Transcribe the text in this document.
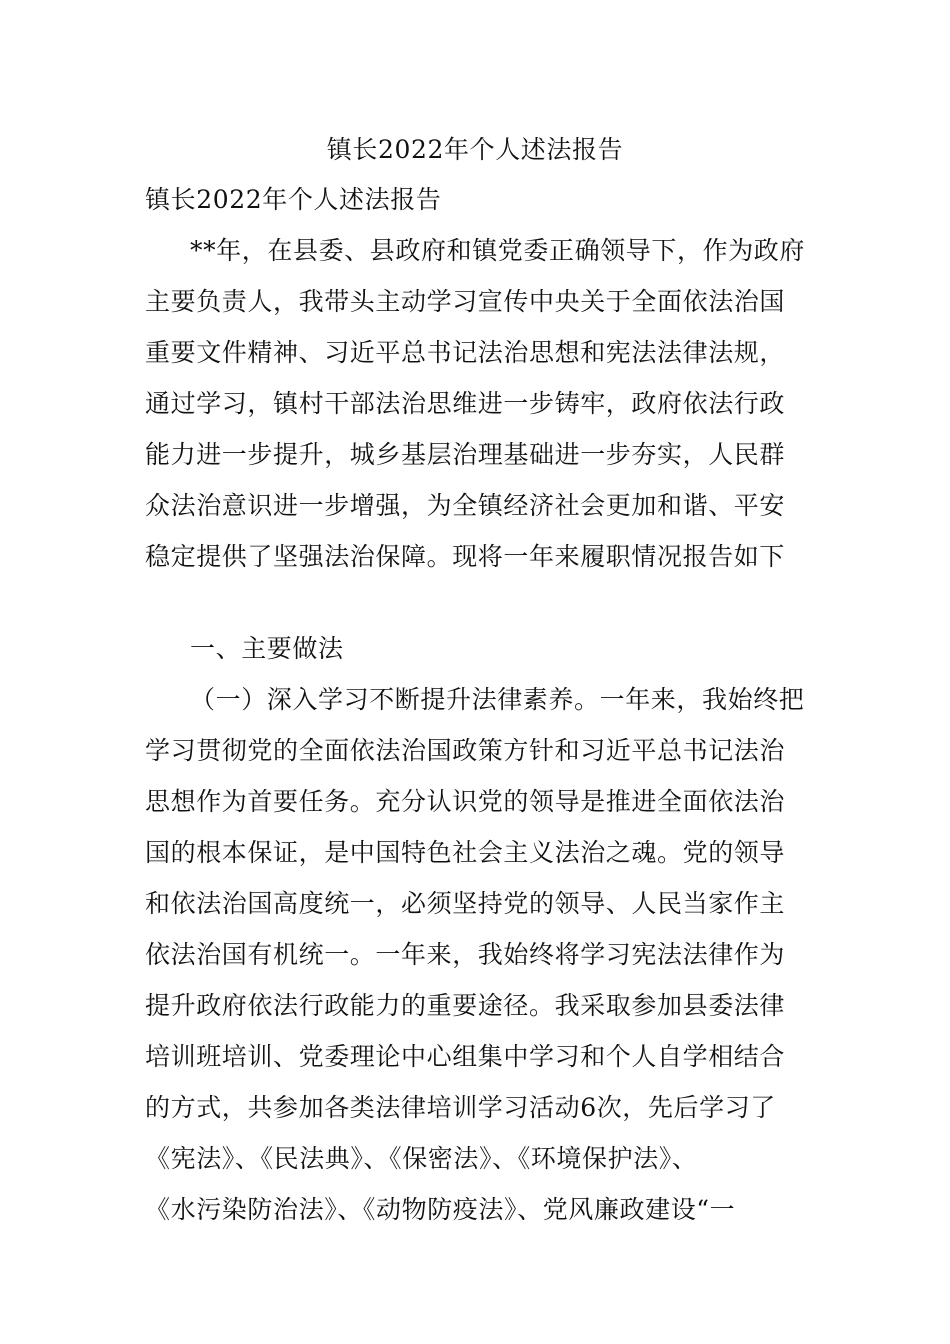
镇长2022年个人述法报告
镇长2022年个人述法报告
**年，在县委、县政府和镇党委正确领导下，作为政府
主要负责人，我带头主动学习宣传中央关于全面依法治国
重要文件精神、习近平总书记法治思想和宪法法律法规，
通过学习，镇村干部法治思维进一步铸牢，政府依法行政
能力进一步提升，城乡基层治理基础进一步夯实，人民群
众法治意识进一步增强，为全镇经济社会更加和谐、平安
稳定提供了坚强法治保障。现将一年来履职情况报告如下
一、主要做法
（一）深入学习不断提升法律素养。一年来，我始终把
学习贯彻党的全面依法治国政策方针和习近平总书记法治
思想作为首要任务。充分认识党的领导是推进全面依法治
国的根本保证，是中国特色社会主义法治之魂。党的领导
和依法治国高度统一，必须坚持党的领导、人民当家作主
依法治国有机统一。一年来，我始终将学习宪法法律作为
提升政府依法行政能力的重要途径。我采取参加县委法律
培训班培训、党委理论中心组集中学习和个人自学相结合
的方式，共参加各类法律培训学习活动6次，先后学习了
《宪法》、《民法典》、《保密法》、《环境保护法》、
《水污染防治法》、《动物防疫法》、党风廉政建设“一
